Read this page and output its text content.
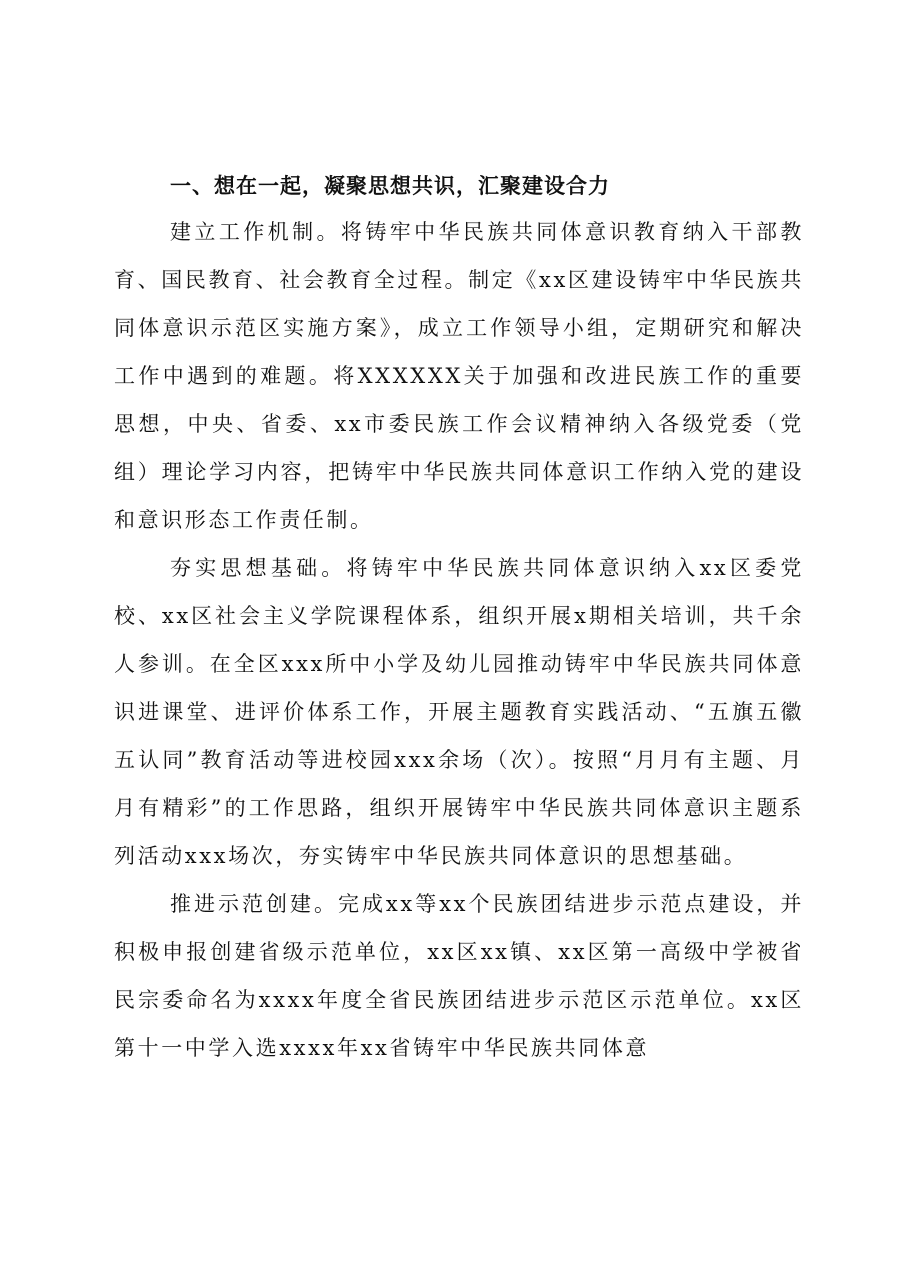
一、想在一起，凝聚思想共识，汇聚建设合力

建立工作机制。将铸牢中华民族共同体意识教育纳入干部教育、国民教育、社会教育全过程。制定《xx区建设铸牢中华民族共同体意识示范区实施方案》，成立工作领导小组，定期研究和解决工作中遇到的难题。将XXXXXX关于加强和改进民族工作的重要思想，中央、省委、xx市委民族工作会议精神纳入各级党委（党组）理论学习内容，把铸牢中华民族共同体意识工作纳入党的建设和意识形态工作责任制。

夯实思想基础。将铸牢中华民族共同体意识纳入xx区委党校、xx区社会主义学院课程体系，组织开展x期相关培训，共千余人参训。在全区xxx所中小学及幼儿园推动铸牢中华民族共同体意识进课堂、进评价体系工作，开展主题教育实践活动、“五旗五徽五认同”教育活动等进校园xxx余场（次）。按照“月月有主题、月月有精彩”的工作思路，组织开展铸牢中华民族共同体意识主题系列活动xxx场次，夯实铸牢中华民族共同体意识的思想基础。

推进示范创建。完成xx等xx个民族团结进步示范点建设，并积极申报创建省级示范单位，xx区xx镇、xx区第一高级中学被省民宗委命名为xxxx年度全省民族团结进步示范区示范单位。xx区第十一中学入选xxxx年xx省铸牢中华民族共同体意
